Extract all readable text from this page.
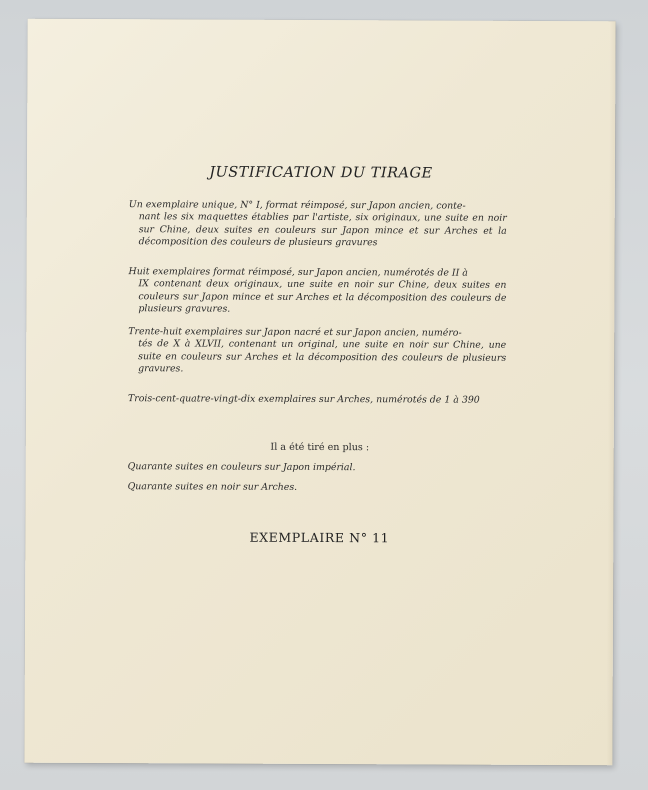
JUSTIFICATION DU TIRAGE
Un exemplaire unique, N° I, format réimposé, sur Japon ancien, conte-
nant les six maquettes établies par l'artiste, six originaux, une suite en noir sur Chine, deux suites en couleurs sur Japon mince et sur Arches et la décomposition des couleurs de plusieurs gravures
Huit exemplaires format réimposé, sur Japon ancien, numérotés de II à
IX contenant deux originaux, une suite en noir sur Chine, deux suites en couleurs sur Japon mince et sur Arches et la décomposition des couleurs de plusieurs gravures.
Trente-huit exemplaires sur Japon nacré et sur Japon ancien, numéro-
tés de X à XLVII, contenant un original, une suite en noir sur Chine, une suite en couleurs sur Arches et la décomposition des couleurs de plusieurs gravures.
Trois-cent-quatre-vingt-dix exemplaires sur Arches, numérotés de 1 à 390
Il a été tiré en plus :
Quarante suites en couleurs sur Japon impérial.
Quarante suites en noir sur Arches.
EXEMPLAIRE N° 11
